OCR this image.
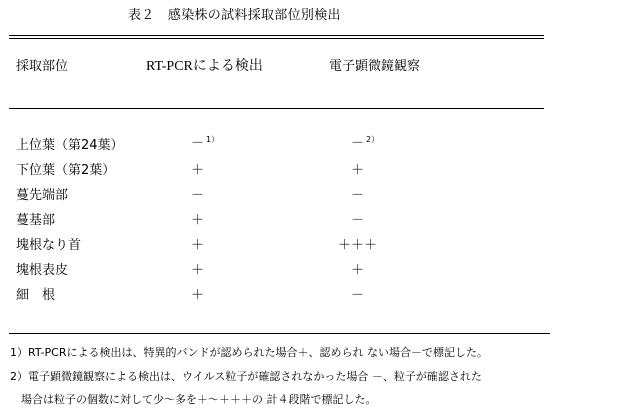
表２　感染株の試料採取部位別検出
採取部位	RT-PCRによる検出	電子顕微鏡観察
上位葉（第24葉）	－ $^{1)}$	－ $^{2)}$
下位葉（第2葉）	＋	＋
蔓先端部	－	－
蔓基部	＋	－
塊根なり首	＋	＋＋＋
塊根表皮	＋	＋
細　根	＋	－
1）RT-PCRによる検出は、特異的バンドが認められた場合＋、認められ ない場合－で標記した。
2）電子顕微鏡観察による検出は、ウイルス粒子が確認されなかった場合 －、粒子が確認された
　場合は粒子の個数に対して少～多を＋～＋＋＋の 計４段階で標記した。
